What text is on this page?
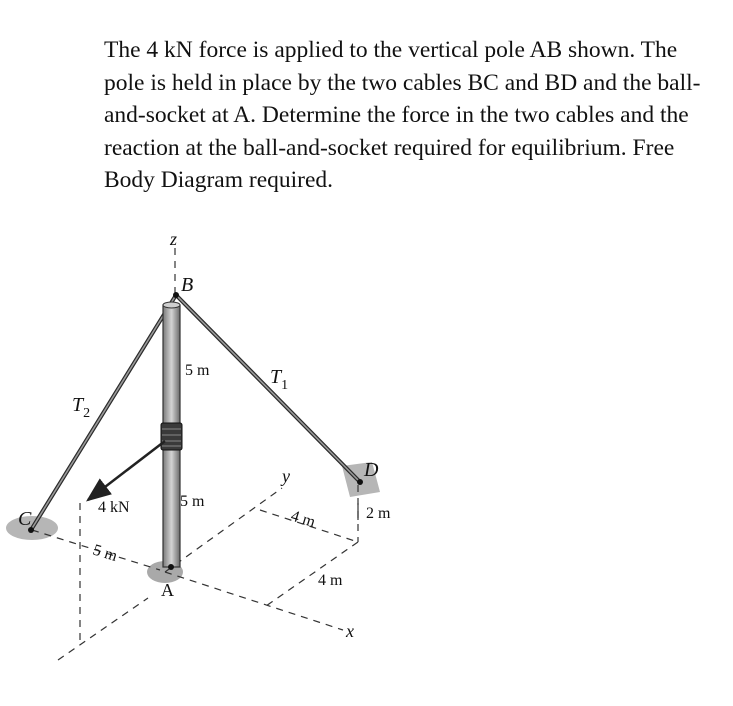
The 4 kN force is applied to the vertical pole AB shown. The
pole is held in place by the two cables BC and BD and the ball-
and-socket at A. Determine the force in the two cables and the
reaction at the ball-and-socket required for equilibrium. Free
Body Diagram required.
z
B
C
D
A
y
x
$T_1$
$T_2$
4 kN
5 m
5 m
5 m
4 m
4 m
2 m
